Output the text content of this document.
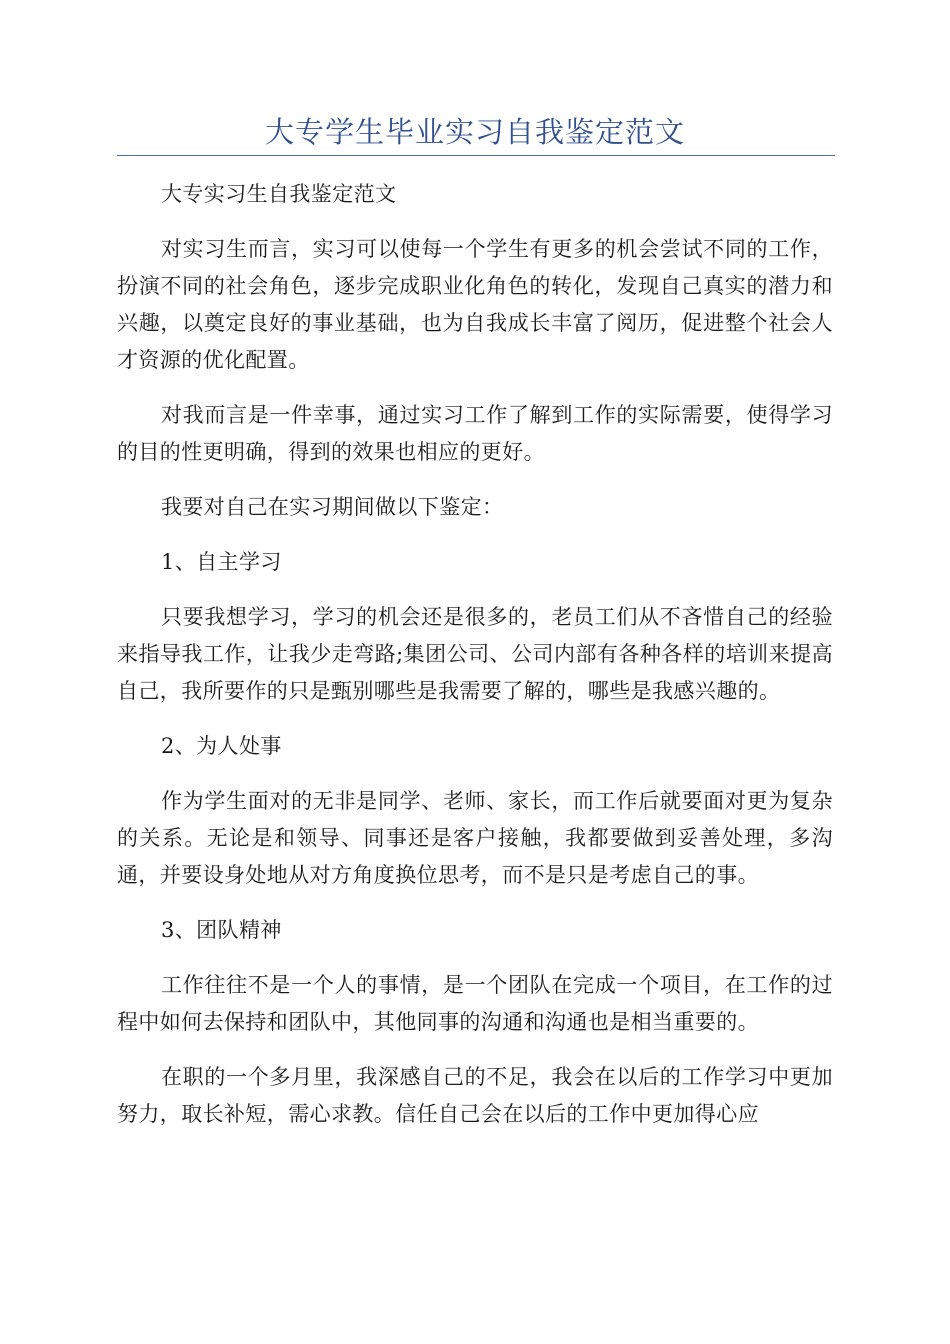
大专学生毕业实习自我鉴定范文

大专实习生自我鉴定范文

对实习生而言，实习可以使每一个学生有更多的机会尝试不同的工作，扮演不同的社会角色，逐步完成职业化角色的转化，发现自己真实的潜力和兴趣，以奠定良好的事业基础，也为自我成长丰富了阅历，促进整个社会人才资源的优化配置。

对我而言是一件幸事，通过实习工作了解到工作的实际需要，使得学习的目的性更明确，得到的效果也相应的更好。

我要对自己在实习期间做以下鉴定：

1、自主学习

只要我想学习，学习的机会还是很多的，老员工们从不吝惜自己的经验来指导我工作，让我少走弯路;集团公司、公司内部有各种各样的培训来提高自己，我所要作的只是甄别哪些是我需要了解的，哪些是我感兴趣的。

2、为人处事

作为学生面对的无非是同学、老师、家长，而工作后就要面对更为复杂的关系。无论是和领导、同事还是客户接触，我都要做到妥善处理，多沟通，并要设身处地从对方角度换位思考，而不是只是考虑自己的事。

3、团队精神

工作往往不是一个人的事情，是一个团队在完成一个项目，在工作的过程中如何去保持和团队中，其他同事的沟通和沟通也是相当重要的。

在职的一个多月里，我深感自己的不足，我会在以后的工作学习中更加努力，取长补短，需心求教。信任自己会在以后的工作中更加得心应
